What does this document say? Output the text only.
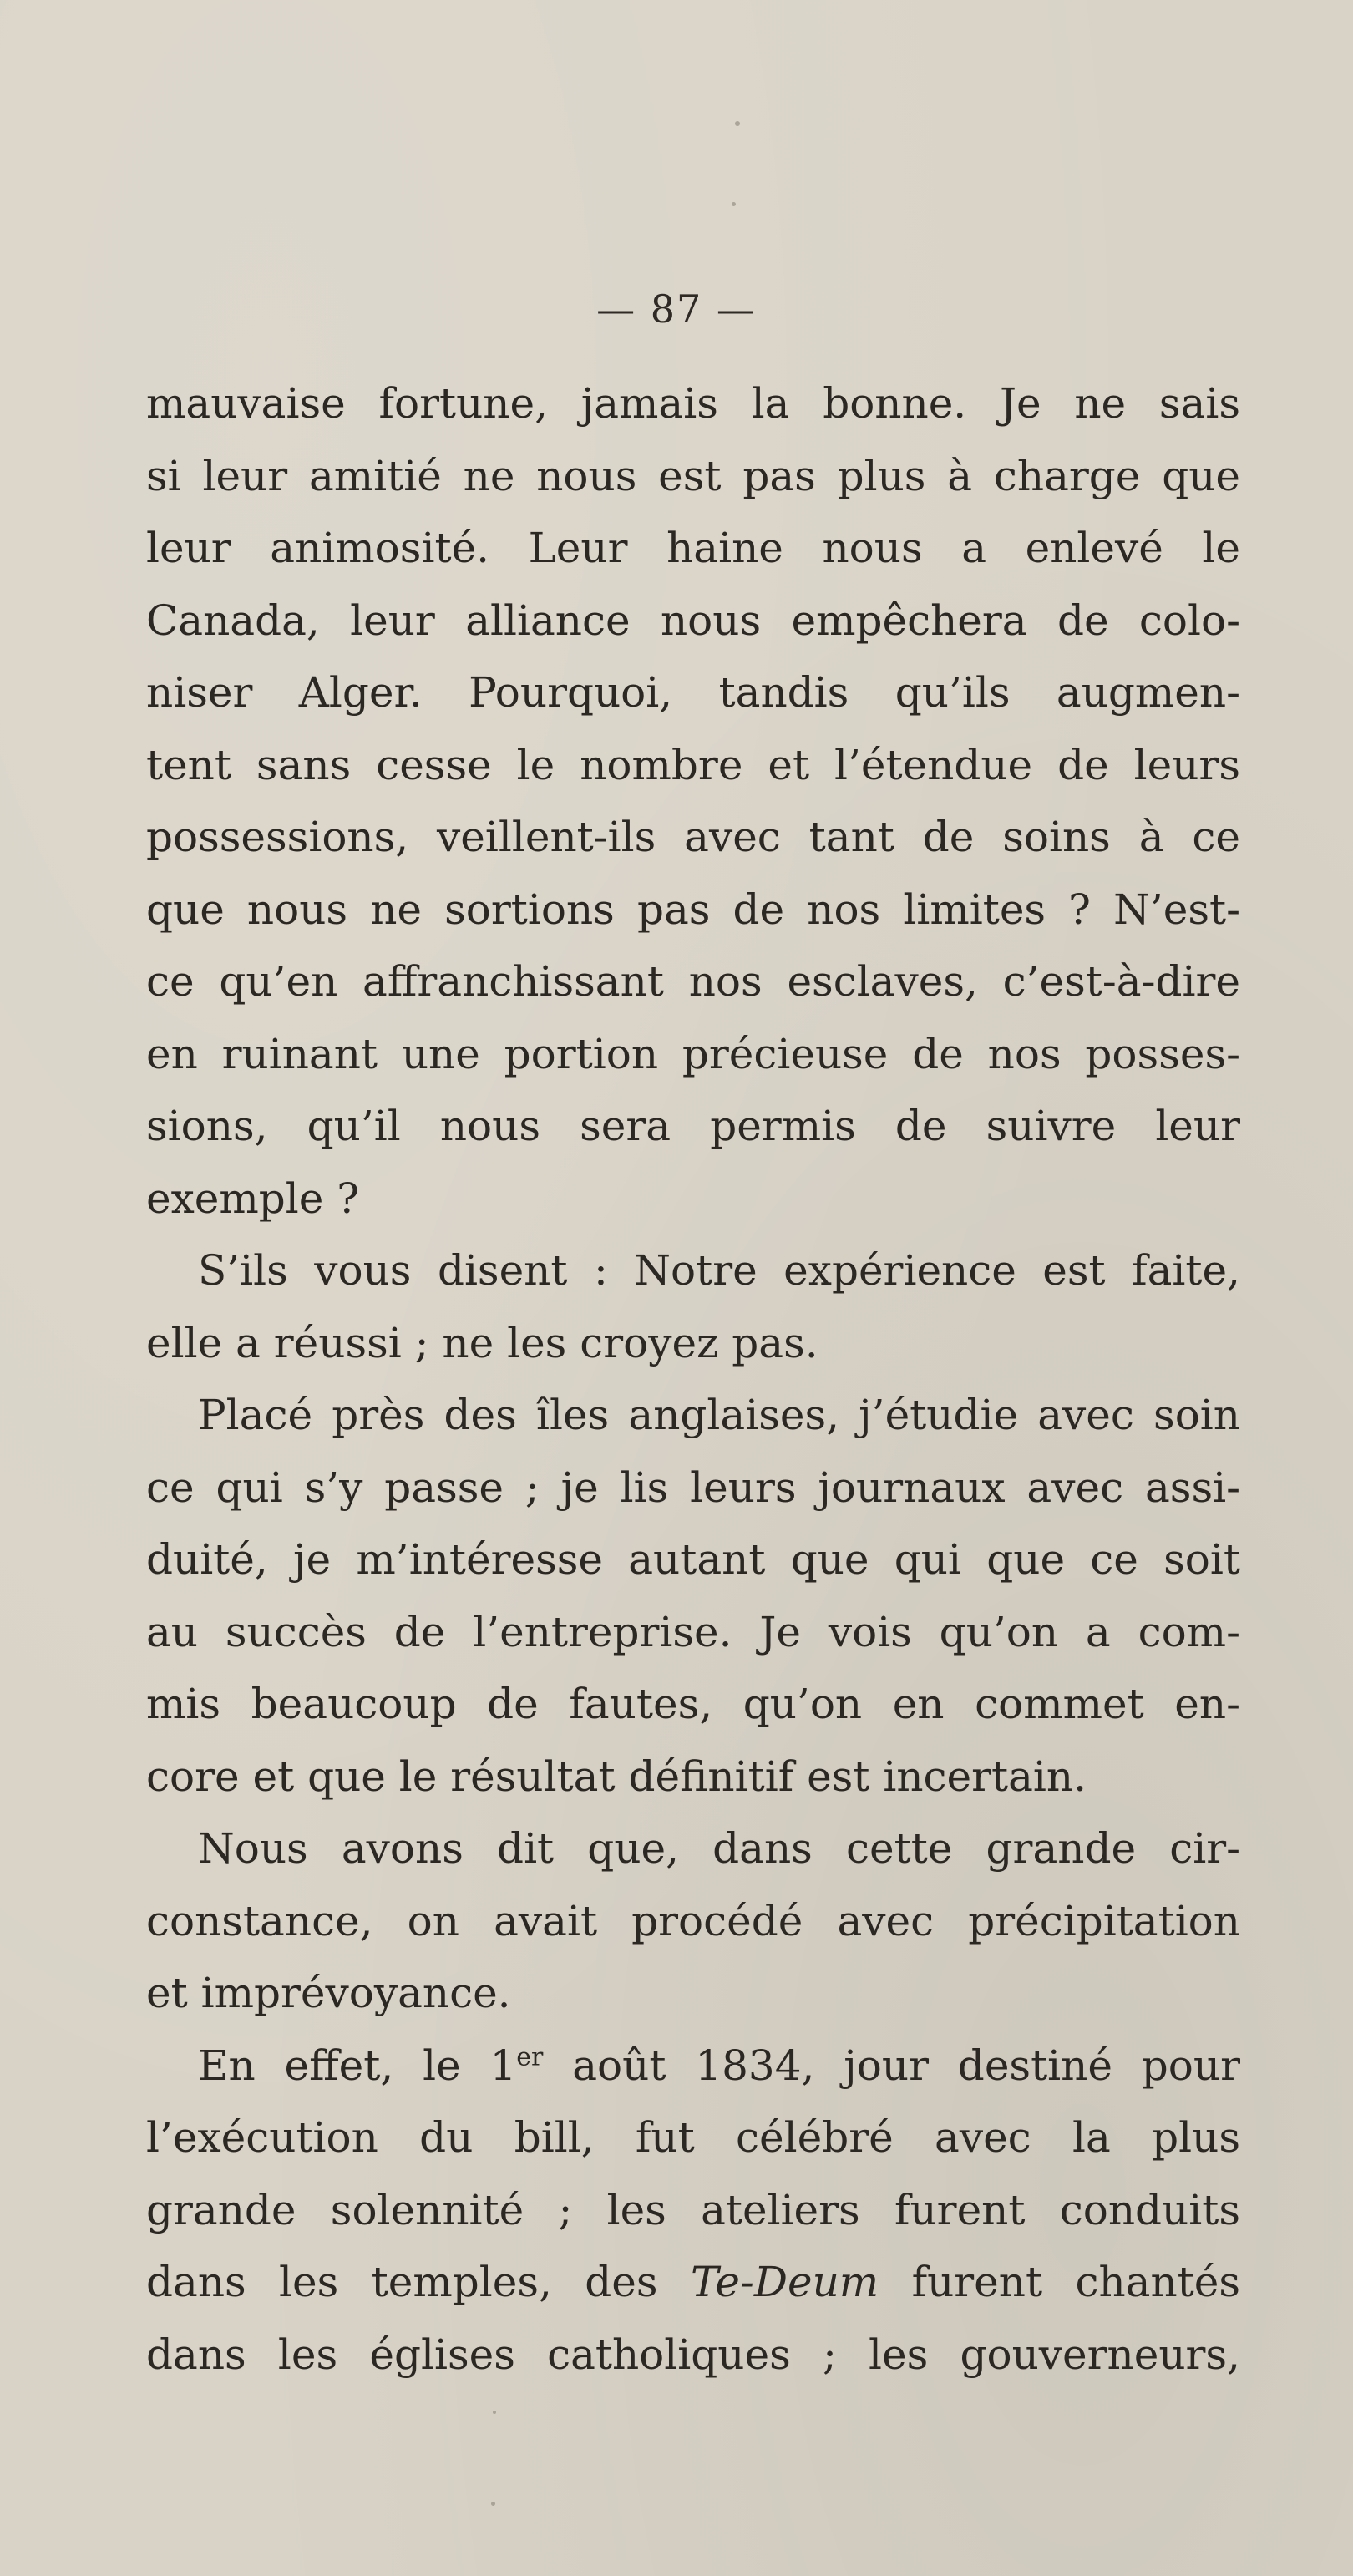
— 87 —
mauvaise fortune, jamais la bonne. Je ne sais
si leur amitié ne nous est pas plus à charge que
leur animosité. Leur haine nous a enlevé le
Canada, leur alliance nous empêchera de colo-
niser Alger. Pourquoi, tandis qu’ils augmen-
tent sans cesse le nombre et l’étendue de leurs
possessions, veillent-ils avec tant de soins à ce
que nous ne sortions pas de nos limites ? N’est-
ce qu’en affranchissant nos esclaves, c’est-à-dire
en ruinant une portion précieuse de nos posses-
sions, qu’il nous sera permis de suivre leur
exemple ?
S’ils vous disent : Notre expérience est faite,
elle a réussi ; ne les croyez pas.
Placé près des îles anglaises, j’étudie avec soin
ce qui s’y passe ; je lis leurs journaux avec assi-
duité, je m’intéresse autant que qui que ce soit
au succès de l’entreprise. Je vois qu’on a com-
mis beaucoup de fautes, qu’on en commet en-
core et que le résultat définitif est incertain.
Nous avons dit que, dans cette grande cir-
constance, on avait procédé avec précipitation
et imprévoyance.
En effet, le 1er août 1834, jour destiné pour
l’exécution du bill, fut célébré avec la plus
grande solennité ; les ateliers furent conduits
dans les temples, des Te-Deum furent chantés
dans les églises catholiques ; les gouverneurs,
